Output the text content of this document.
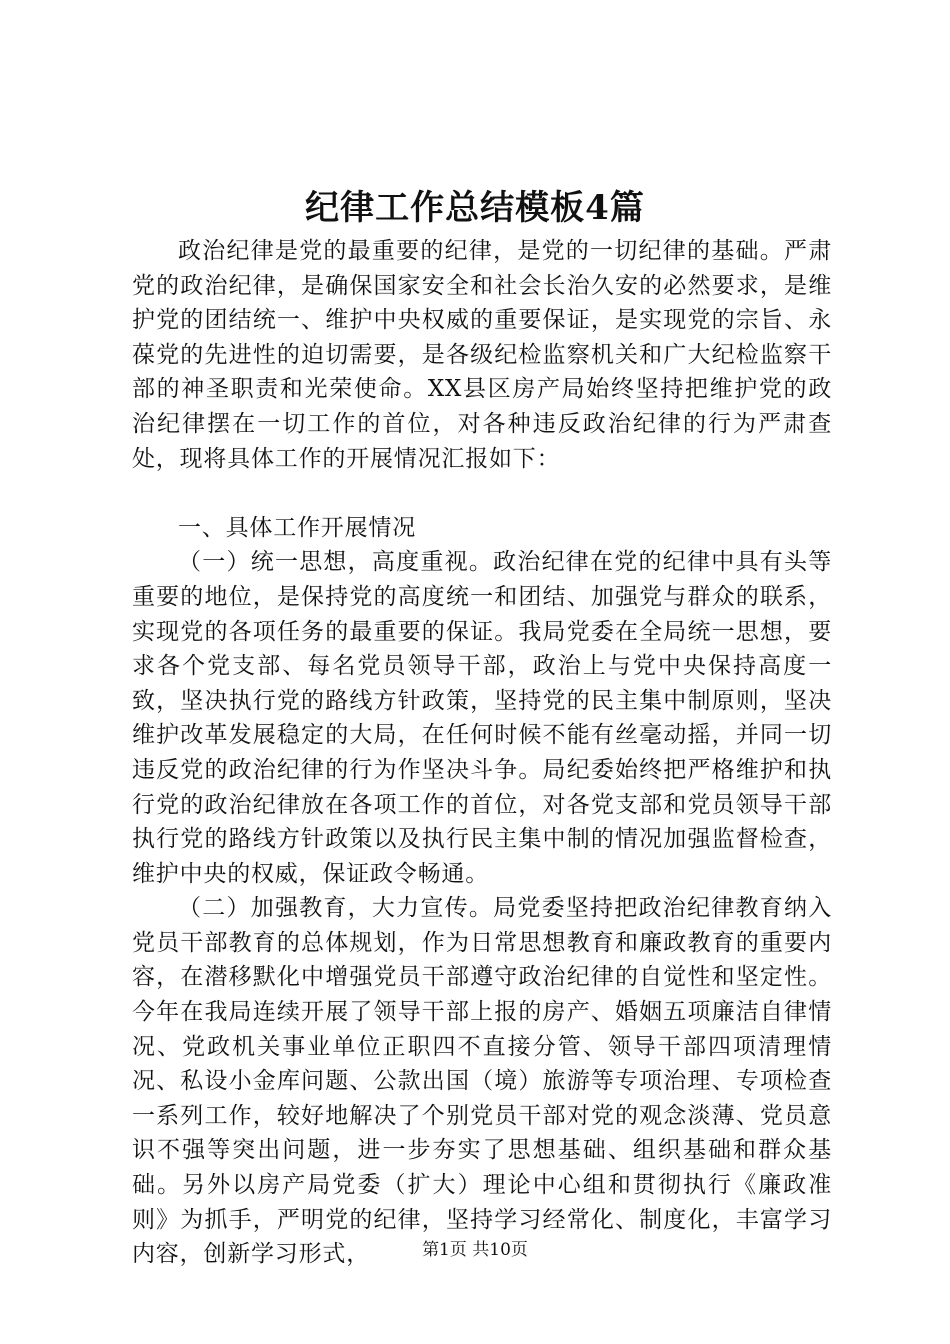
纪律工作总结模板4篇

政治纪律是党的最重要的纪律，是党的一切纪律的基础。严肃党的政治纪律，是确保国家安全和社会长治久安的必然要求，是维护党的团结统一、维护中央权威的重要保证，是实现党的宗旨、永葆党的先进性的迫切需要，是各级纪检监察机关和广大纪检监察干部的神圣职责和光荣使命。XX县区房产局始终坚持把维护党的政治纪律摆在一切工作的首位，对各种违反政治纪律的行为严肃查处，现将具体工作的开展情况汇报如下：

一、具体工作开展情况

（一）统一思想，高度重视。政治纪律在党的纪律中具有头等重要的地位，是保持党的高度统一和团结、加强党与群众的联系，实现党的各项任务的最重要的保证。我局党委在全局统一思想，要求各个党支部、每名党员领导干部，政治上与党中央保持高度一致，坚决执行党的路线方针政策，坚持党的民主集中制原则，坚决维护改革发展稳定的大局，在任何时候不能有丝毫动摇，并同一切违反党的政治纪律的行为作坚决斗争。局纪委始终把严格维护和执行党的政治纪律放在各项工作的首位，对各党支部和党员领导干部执行党的路线方针政策以及执行民主集中制的情况加强监督检查，维护中央的权威，保证政令畅通。

（二）加强教育，大力宣传。局党委坚持把政治纪律教育纳入党员干部教育的总体规划，作为日常思想教育和廉政教育的重要内容，在潜移默化中增强党员干部遵守政治纪律的自觉性和坚定性。今年在我局连续开展了领导干部上报的房产、婚姻五项廉洁自律情况、党政机关事业单位正职四不直接分管、领导干部四项清理情况、私设小金库问题、公款出国（境）旅游等专项治理、专项检查一系列工作，较好地解决了个别党员干部对党的观念淡薄、党员意识不强等突出问题，进一步夯实了思想基础、组织基础和群众基础。另外以房产局党委（扩大）理论中心组和贯彻执行《廉政准则》为抓手，严明党的纪律，坚持学习经常化、制度化，丰富学习内容，创新学习形式，	第1页 共10页
